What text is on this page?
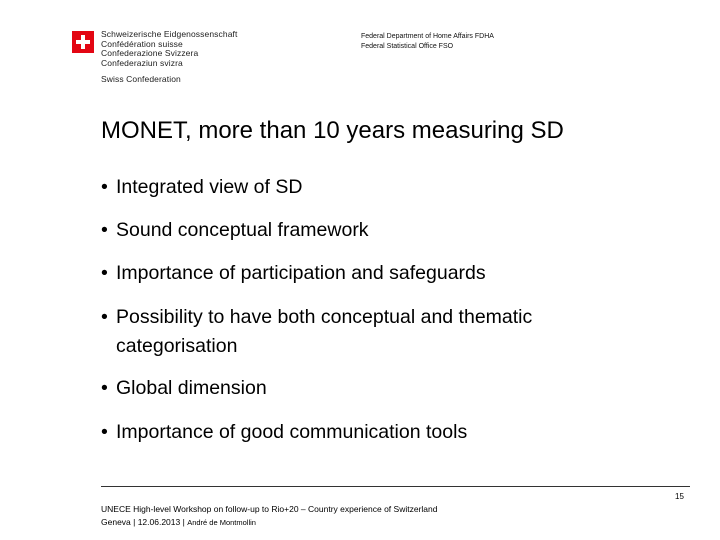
Schweizerische Eidgenossenschaft
Confédération suisse
Confederazione Svizzera
Confederaziun svizra
Swiss Confederation
Federal Department of Home Affairs FDHA
Federal Statistical Office FSO
MONET, more than 10 years measuring SD
• Integrated view of SD
• Sound conceptual framework
• Importance of participation and safeguards
• Possibility to have both conceptual and thematic categorisation
• Global dimension
• Importance of good communication tools
15
UNECE High-level Workshop on follow-up to Rio+20 – Country experience of Switzerland
Geneva | 12.06.2013 | André de Montmollin
